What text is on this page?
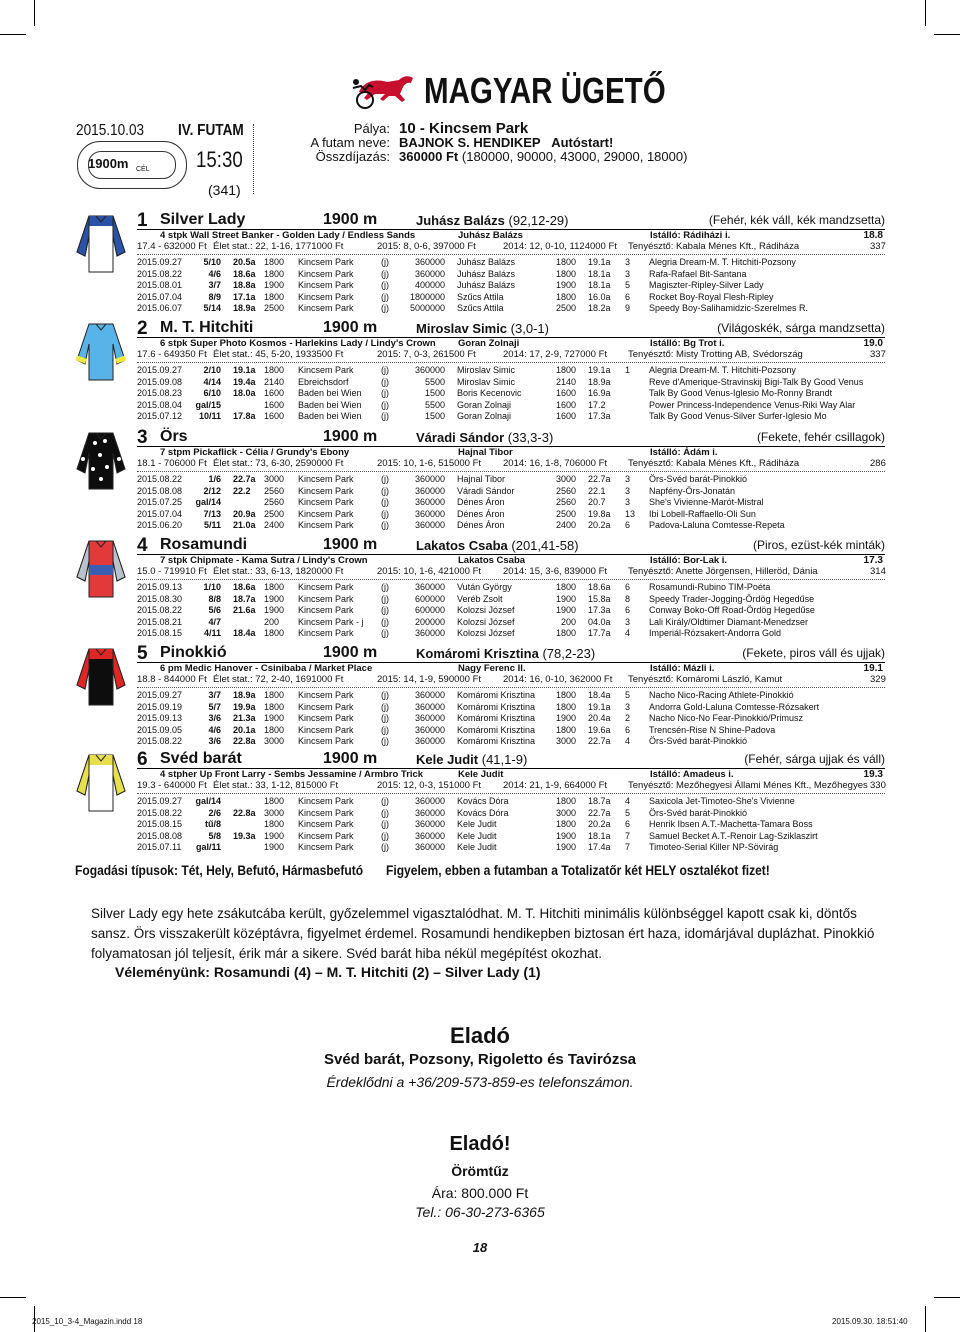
MAGYAR ÜGETŐ
2015.10.03 IV. FUTAM
1900m CÉL 15:30
(341)
Pálya:
A futam neve:
Összdíjazás:
10 - Kincsem Park
BAJNOK S. HENDIKEP Autóstart!
360000 Ft (180000, 90000, 43000, 29000, 18000)
1 Silver Lady	1900 m	Juhász Balázs (92,12-29)	(Fehér, kék váll, kék mandzsetta)
4 stpk Wall Street Banker - Golden Lady / Endless Sands	Juhász Balázs	Istálló: Rádiházi i.	18.8
17.4 - 632000 Ft Élet stat.: 22, 1-16, 1771000 Ft	2015: 8, 0-6, 397000 Ft	2014: 12, 0-10, 1124000 Ft Tenyésztő: Kabala Ménes Kft., Rádiháza	337
2015.09.27	5/10 20.5a 1800 Kincsem Park	(j)	360000 Juhász Balázs	1800 19.1a 3 Alegria Dream-M. T. Hitchiti-Pozsony
2015.08.22	4/6 18.6a 1800 Kincsem Park	(j)	360000 Juhász Balázs	1800 18.1a 3 Rafa-Rafael Bit-Santana
2015.08.01	3/7 18.8a 1900 Kincsem Park	(j)	400000 Juhász Balázs	1900 18.1a 5 Magiszter-Ripley-Silver Lady
2015.07.04	8/9 17.1a 1800 Kincsem Park	(j)	1800000 Szűcs Attila	1800 16.0a 6 Rocket Boy-Royal Flesh-Ripley
2015.06.07	5/14 18.9a 2500 Kincsem Park	(j)	5000000 Szűcs Attila	2500 18.2a 9 Speedy Boy-Salihamidzic-Szerelmes R.
2 M. T. Hitchiti	1900 m	Miroslav Simic (3,0-1)	(Világoskék, sárga mandzsetta)
6 stpk Super Photo Kosmos - Harlekins Lady / Lindy's Crown Goran Zolnaji	Istálló: Bg Trot i.	19.0
17.6 - 649350 Ft Élet stat.: 45, 5-20, 1933500 Ft	2015: 7, 0-3, 261500 Ft	2014: 17, 2-9, 727000 Ft Tenyésztő: Misty Trotting AB, Svédország	337
2015.09.27	2/10 19.1a 1800 Kincsem Park	(j)	360000 Miroslav Simic	1800 19.1a 1 Alegria Dream-M. T. Hitchiti-Pozsony
2015.09.08	4/14 19.4a 2140 Ebreichsdorf	(j)	5500 Miroslav Simic	2140 18.9a	Reve d'Amerique-Stravinskij Bigi-Talk By Good Venus
2015.08.23	6/10 18.0a 1600 Baden bei Wien (j)	1500 Boris Kecenovic	1600 16.9a	Talk By Good Venus-Iglesio Mo-Ronny Brandt
2015.08.04	gal/15	1600 Baden bei Wien (j)	5500 Goran Zolnaji	1600 17.2	Power Princess-Independence Venus-Riki Way Alar
2015.07.12	10/11 17.8a 1600 Baden bei Wien (j)	1500 Goran Zolnaji	1600 17.3a	Talk By Good Venus-Silver Surfer-Iglesio Mo
3 Örs	1900 m	Váradi Sándor (33,3-3)	(Fekete, fehér csillagok)
7 stpm Pickaflick - Célia / Grundy's Ebony	Hajnal Tibor	Istálló: Ádám i.
18.1 - 706000 Ft Élet stat.: 73, 6-30, 2590000 Ft	2015: 10, 1-6, 515000 Ft 2014: 16, 1-8, 706000 Ft Tenyésztő: Kabala Ménes Kft., Rádiháza	286
2015.08.22	1/6 22.7a 3000 Kincsem Park	(j)	360000 Hajnal Tibor	3000 22.7a 3 Örs-Svéd barát-Pinokkió
2015.08.08	2/12 22.2 2560 Kincsem Park	(j)	360000 Váradi Sándor	2560 22.1 3 Napfény-Örs-Jonatán
2015.07.25	gal/14	2560 Kincsem Park	(j)	360000 Dénes Áron	2560 20.7 3 She's Vivienne-Marót-Mistral
2015.07.04	7/13 20.9a 2500 Kincsem Park	(j)	360000 Dénes Áron	2500 19.8a 13 Ibi Lobell-Raffaello-Oli Sun
2015.06.20	5/11 21.0a 2400 Kincsem Park	(j)	360000 Dénes Áron	2400 20.2a 6 Padova-Laluna Comtesse-Repeta
4 Rosamundi	1900 m	Lakatos Csaba (201,41-58)	(Piros, ezüst-kék minták)
7 stpk Chipmate - Kama Sutra / Lindy's Crown	Lakatos Csaba	Istálló: Bor-Lak i.	17.3
15.0 - 719910 Ft Élet stat.: 33, 6-13, 1820000 Ft	2015: 10, 1-6, 421000 Ft 2014: 15, 3-6, 839000 Ft Tenyésztő: Anette Jörgensen, Hilleröd, Dánia	314
2015.09.13	1/10 18.6a 1800 Kincsem Park	(j)	360000 Vután György	1800 18.6a 6 Rosamundi-Rubino TIM-Poéta
2015.08.30	8/8 18.7a 1900 Kincsem Park	(j)	600000 Veréb Zsolt	1900 15.8a 8 Speedy Trader-Jogging-Ördög Hegedűse
2015.08.22	5/6 21.6a 1900 Kincsem Park	(j)	600000 Kolozsi József	1900 17.3a 6 Conway Boko-Off Road-Ördög Hegedűse
2015.08.21	4/7	200 Kincsem Park - j (j)	200000 Kolozsi József	200 04.0a 3 Lali Király/Oldtimer Diamant-Menedzser
2015.08.15	4/11 18.4a 1800 Kincsem Park	(j)	360000 Kolozsi József	1800 17.7a 4 Imperiál-Rózsakert-Andorra Gold
5 Pinokkió	1900 m	Komáromi Krisztina (78,2-23)	(Fekete, piros váll és ujjak)
6 pm Medic Hanover - Csinibaba / Market Place	Nagy Ferenc II.	Istálló: Mázli i.	19.1
18.8 - 844000 Ft Élet stat.: 72, 2-40, 1691000 Ft	2015: 14, 1-9, 590000 Ft 2014: 16, 0-10, 362000 Ft Tenyésztő: Komáromi László, Kamut	329
2015.09.27	3/7 18.9a 1800 Kincsem Park	(j)	360000 Komáromi Krisztina	1800 18.4a 5 Nacho Nico-Racing Athlete-Pinokkió
2015.09.19	5/7 19.9a 1800 Kincsem Park	(j)	360000 Komáromi Krisztina	1800 19.1a 3 Andorra Gold-Laluna Comtesse-Rózsakert
2015.09.13	3/6 21.3a 1900 Kincsem Park	(j)	360000 Komáromi Krisztina	1900 20.4a 2 Nacho Nico-No Fear-Pinokkió/Primusz
2015.09.05	4/6 20.1a 1800 Kincsem Park	(j)	360000 Komáromi Krisztina	1800 19.6a 6 Trencsén-Rise N Shine-Padova
2015.08.22	3/6 22.8a 3000 Kincsem Park	(j)	360000 Komáromi Krisztina	3000 22.7a 4 Örs-Svéd barát-Pinokkió
6 Svéd barát	1900 m	Kele Judit (41,1-9)	(Fehér, sárga ujjak és váll)
4 stpher Up Front Larry - Sembs Jessamine / Armbro Trick	Kele Judit	Istálló: Amadeus i.	19.3
19.3 - 640000 Ft Élet stat.: 33, 1-12, 815000 Ft	2015: 12, 0-3, 151000 Ft 2014: 21, 1-9, 664000 Ft Tenyésztő: Mezőhegyesi Állami Ménes Kft., Mezőhegyes 330
2015.09.27	gal/14	1800 Kincsem Park	(j)	360000 Kovács Dóra	1800 18.7a 4 Saxicola Jet-Timoteo-She's Vivienne
2015.08.22	2/6 22.8a 3000 Kincsem Park	(j)	360000 Kovács Dóra	3000 22.7a 5 Örs-Svéd barát-Pinokkió
2015.08.15	tű/8	1800 Kincsem Park	(j)	360000 Kele Judit	1800 20.2a 6 Henrik Ibsen A.T.-Machetta-Tamara Boss
2015.08.08	5/8 19.3a 1900 Kincsem Park	(j)	360000 Kele Judit	1900 18.1a 7 Samuel Becket A.T.-Renoir Lag-Sziklaszirt
2015.07.11	gal/11	1900 Kincsem Park	(j)	360000 Kele Judit	1900 17.4a 7 Timoteo-Serial Killer NP-Sövirág
Fogadási típusok: Tét, Hely, Befutó, Hármasbefutó Figyelem, ebben a futamban a Totalizatőr két HELY osztalékot fizet!

Silver Lady egy hete zsákutcába került, győzelemmel vigasztalódhat. M. T. Hitchiti minimális különbséggel kapott csak ki, döntős sansz. Örs visszakerült középtávra, figyelmet érdemel. Rosamundi hendikepben biztosan ért haza, idomárjával duplázhat. Pinokkió folyamatosan jól teljesít, érik már a sikere. Svéd barát hiba nékül megépítést okozhat.

Véleményünk: Rosamundi (4) – M. T. Hitchiti (2) – Silver Lady (1)
Eladó
Svéd barát, Pozsony, Rigoletto és Tavirózsa
Érdeklődni a +36/209-573-859-es telefonszámon.
Eladó!
Örömtűz
Ára: 800.000 Ft
Tel.: 06-30-273-6365
18
2015_10_3-4_Magazin.indd 18	2015.09.30. 18:51:40
